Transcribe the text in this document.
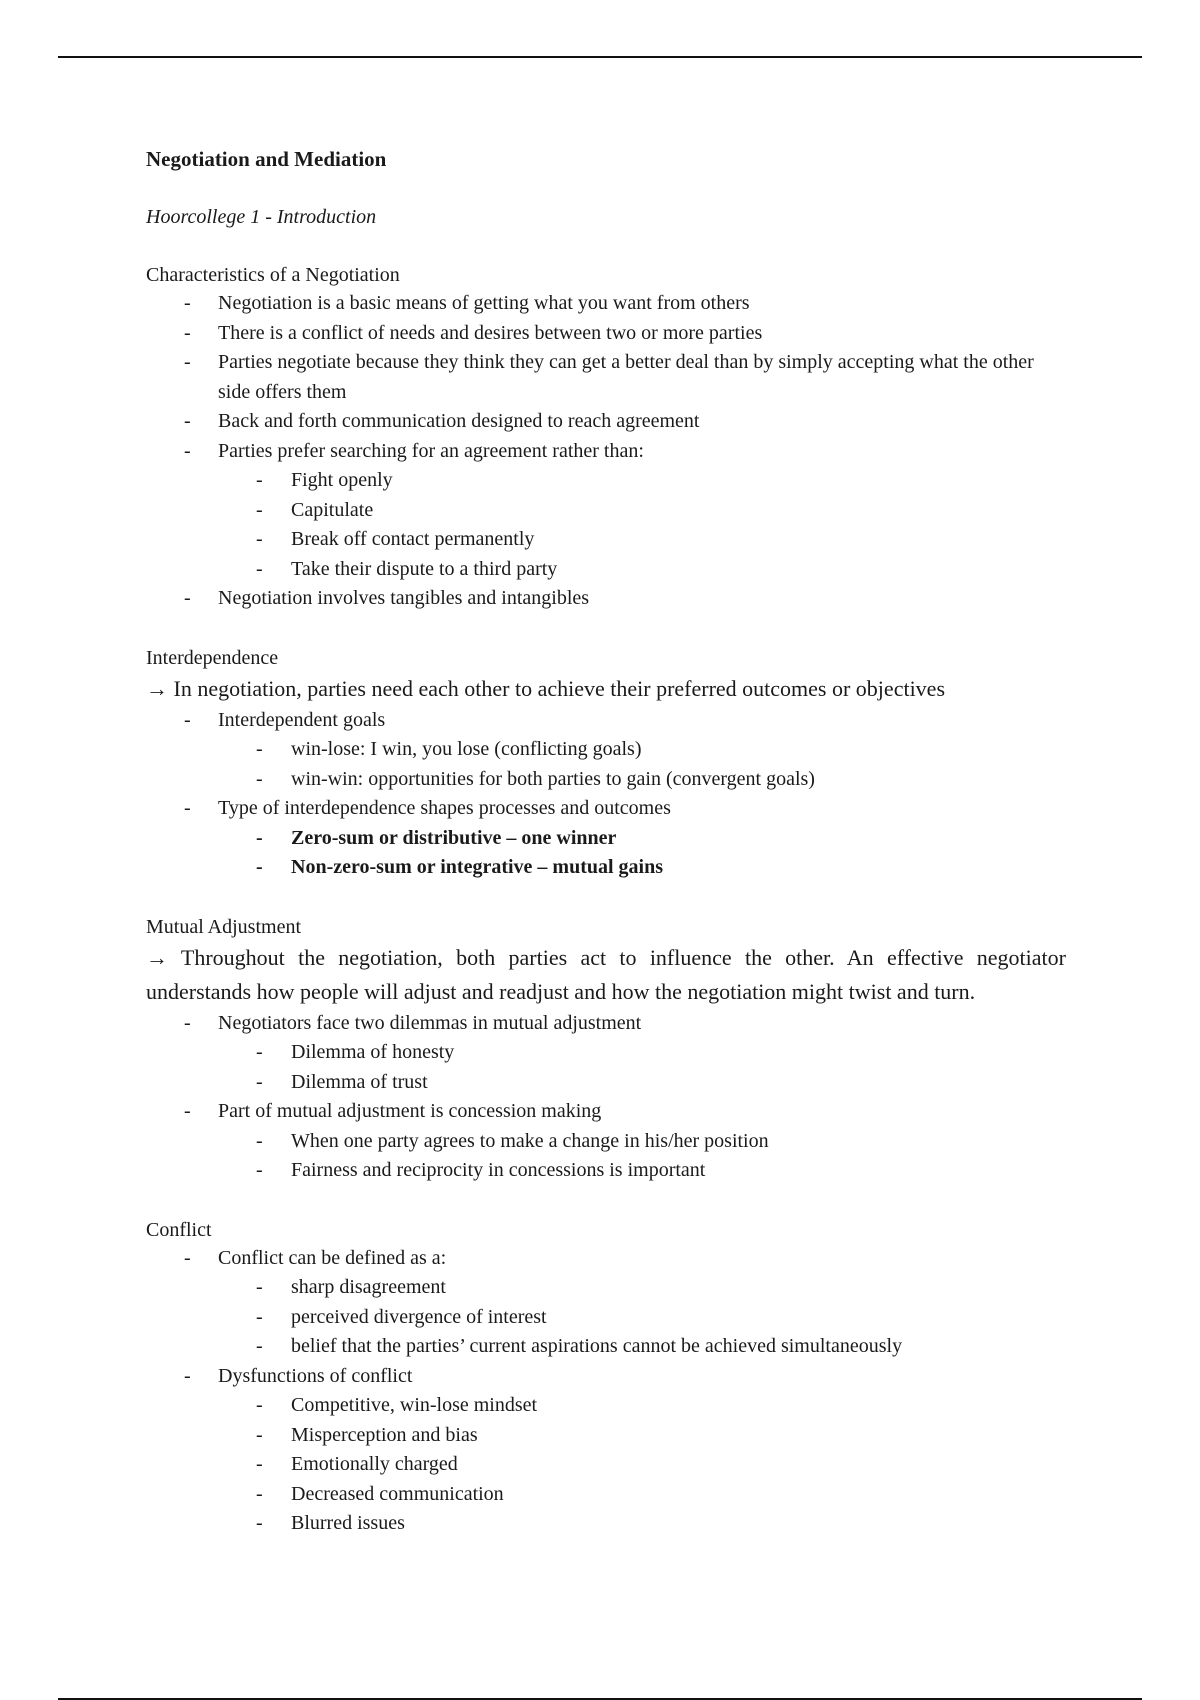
Negotiation and Mediation
Hoorcollege 1 - Introduction
Characteristics of a Negotiation
- Negotiation is a basic means of getting what you want from others
- There is a conflict of needs and desires between two or more parties
- Parties negotiate because they think they can get a better deal than by simply accepting what the other side offers them
- Back and forth communication designed to reach agreement
- Parties prefer searching for an agreement rather than:
- Fight openly
- Capitulate
- Break off contact permanently
- Take their dispute to a third party
- Negotiation involves tangibles and intangibles
Interdependence
→ In negotiation, parties need each other to achieve their preferred outcomes or objectives
- Interdependent goals
- win-lose: I win, you lose (conflicting goals)
- win-win: opportunities for both parties to gain (convergent goals)
- Type of interdependence shapes processes and outcomes
- Zero-sum or distributive – one winner
- Non-zero-sum or integrative – mutual gains
Mutual Adjustment
→ Throughout the negotiation, both parties act to influence the other. An effective negotiator understands how people will adjust and readjust and how the negotiation might twist and turn.
- Negotiators face two dilemmas in mutual adjustment
- Dilemma of honesty
- Dilemma of trust
- Part of mutual adjustment is concession making
- When one party agrees to make a change in his/her position
- Fairness and reciprocity in concessions is important
Conflict
- Conflict can be defined as a:
- sharp disagreement
- perceived divergence of interest
- belief that the parties’ current aspirations cannot be achieved simultaneously
- Dysfunctions of conflict
- Competitive, win-lose mindset
- Misperception and bias
- Emotionally charged
- Decreased communication
- Blurred issues
